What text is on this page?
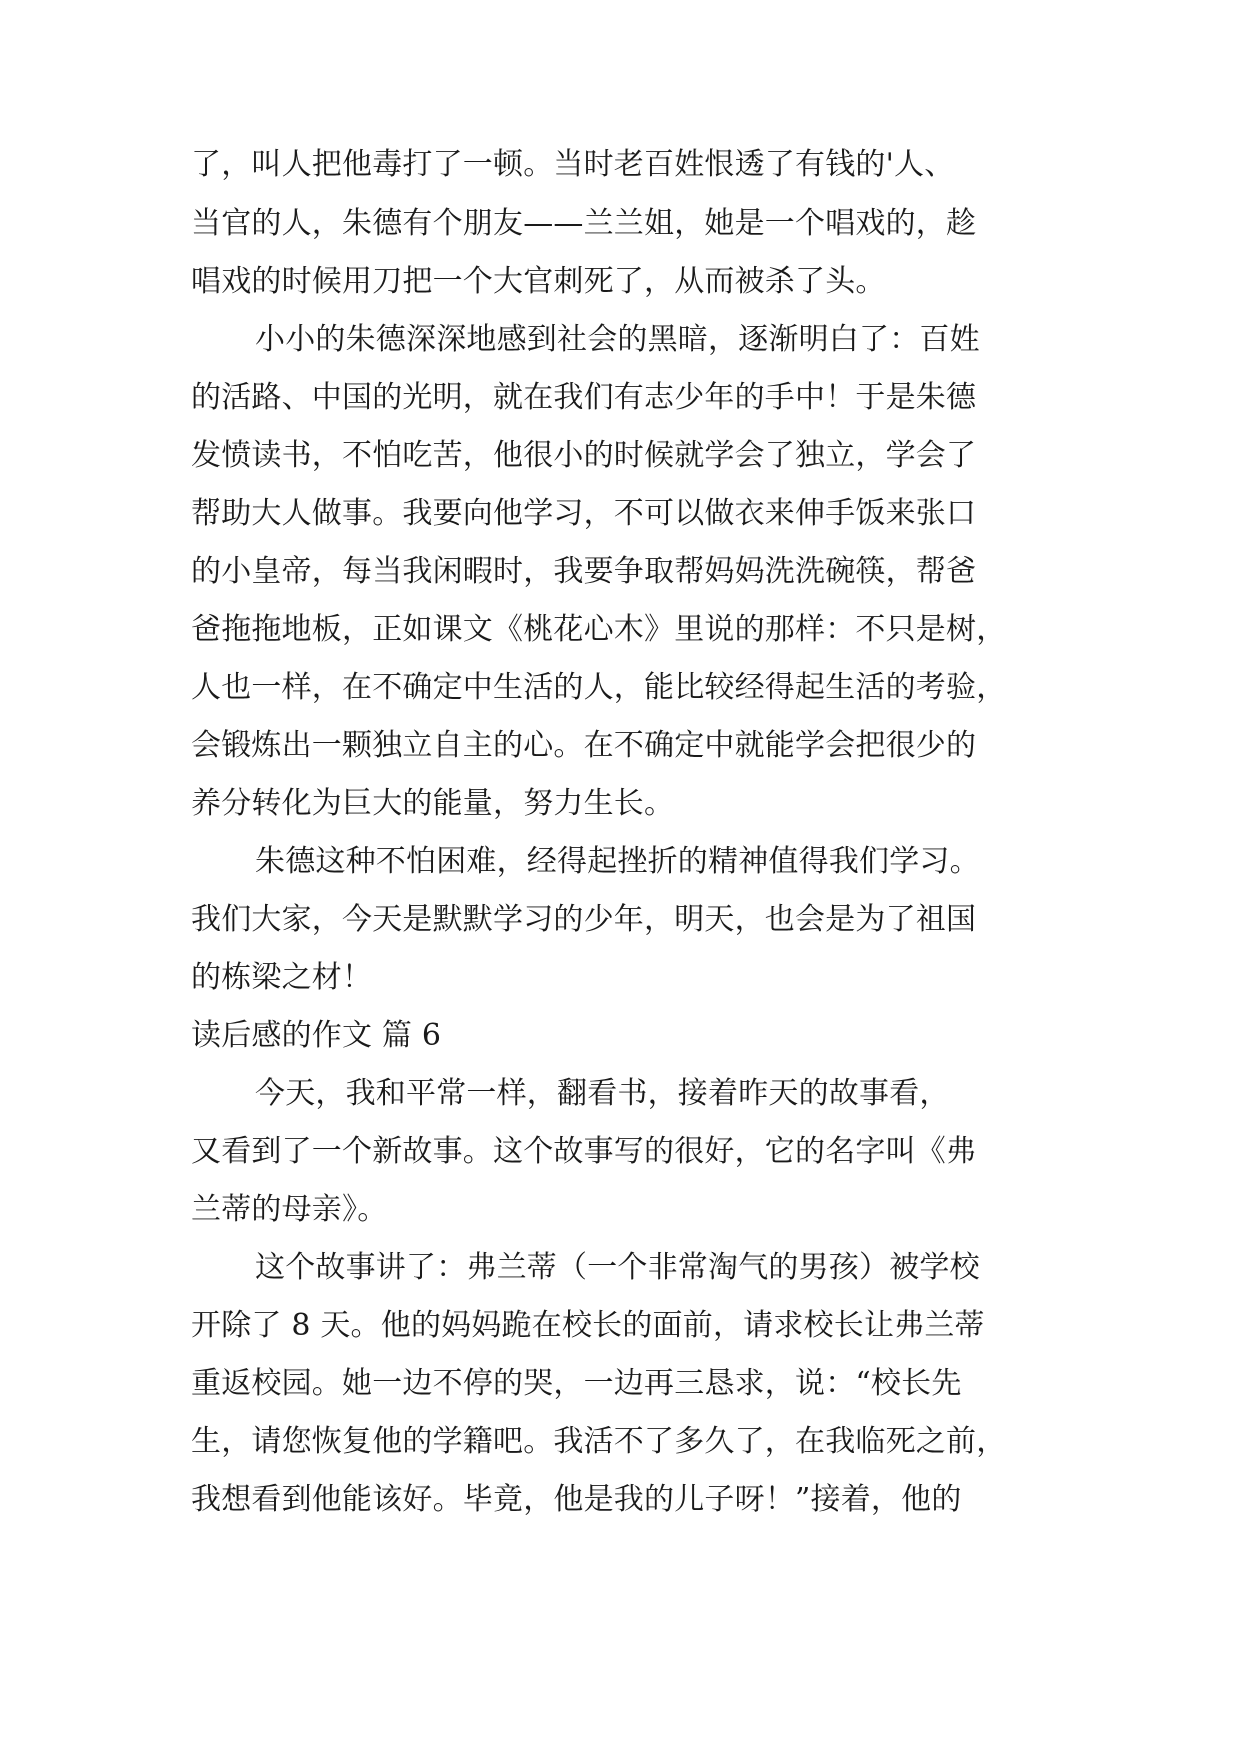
了，叫人把他毒打了一顿。当时老百姓恨透了有钱的'人、
当官的人，朱德有个朋友——兰兰姐，她是一个唱戏的，趁
唱戏的时候用刀把一个大官刺死了，从而被杀了头。
小小的朱德深深地感到社会的黑暗，逐渐明白了：百姓
的活路、中国的光明，就在我们有志少年的手中！于是朱德
发愤读书，不怕吃苦，他很小的时候就学会了独立，学会了
帮助大人做事。我要向他学习，不可以做衣来伸手饭来张口
的小皇帝，每当我闲暇时，我要争取帮妈妈洗洗碗筷，帮爸
爸拖拖地板，正如课文《桃花心木》里说的那样：不只是树，
人也一样，在不确定中生活的人，能比较经得起生活的考验，
会锻炼出一颗独立自主的心。在不确定中就能学会把很少的
养分转化为巨大的能量，努力生长。
朱德这种不怕困难，经得起挫折的精神值得我们学习。
我们大家，今天是默默学习的少年，明天，也会是为了祖国
的栋梁之材！
读后感的作文 篇 6
今天，我和平常一样，翻看书，接着昨天的故事看，
又看到了一个新故事。这个故事写的很好，它的名字叫《弗
兰蒂的母亲》。
这个故事讲了：弗兰蒂（一个非常淘气的男孩）被学校
开除了 8 天。他的妈妈跪在校长的面前，请求校长让弗兰蒂
重返校园。她一边不停的哭，一边再三恳求，说：“校长先
生，请您恢复他的学籍吧。我活不了多久了，在我临死之前，
我想看到他能该好。毕竟，他是我的儿子呀！”接着，他的
